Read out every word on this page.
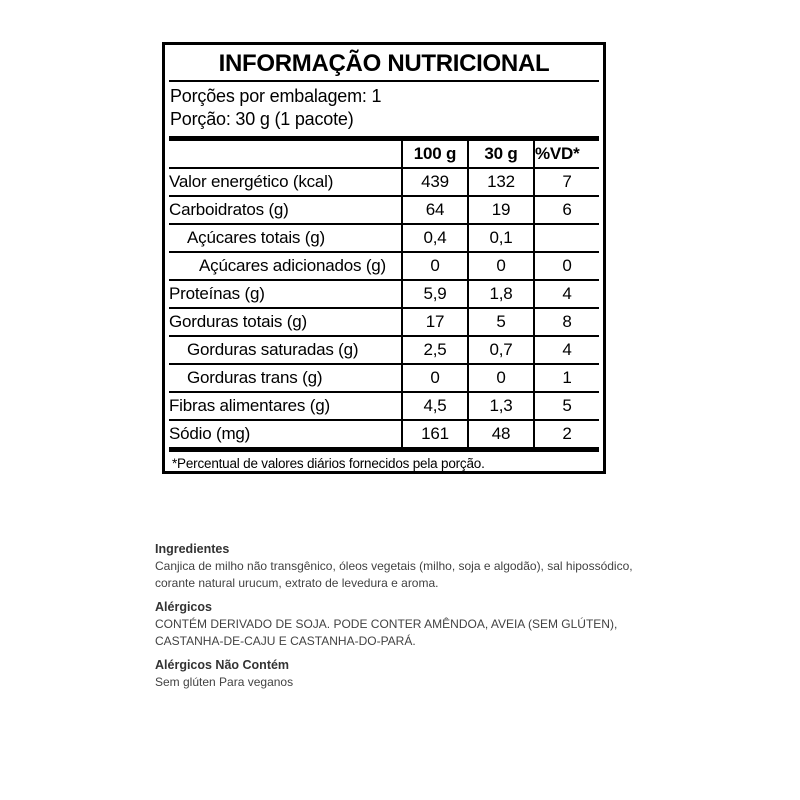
INFORMAÇÃO NUTRICIONAL
Porções por embalagem: 1
Porção: 30 g (1 pacote)
	100 g	30 g	%VD*
Valor energético (kcal)	439	132	7
Carboidratos (g)	64	19	6
Açúcares totais (g)	0,4	0,1	
Açúcares adicionados (g)	0	0	0
Proteínas (g)	5,9	1,8	4
Gorduras totais (g)	17	5	8
Gorduras saturadas (g)	2,5	0,7	4
Gorduras trans (g)	0	0	1
Fibras alimentares (g)	4,5	1,3	5
Sódio (mg)	161	48	2
*Percentual de valores diários fornecidos pela porção.
Ingredientes
Canjica de milho não transgênico, óleos vegetais (milho, soja e algodão), sal hipossódico,
corante natural urucum, extrato de levedura e aroma.
Alérgicos
CONTÉM DERIVADO DE SOJA. PODE CONTER AMÊNDOA, AVEIA (SEM GLÚTEN),
CASTANHA-DE-CAJU E CASTANHA-DO-PARÁ.
Alérgicos Não Contém
Sem glúten Para veganos
